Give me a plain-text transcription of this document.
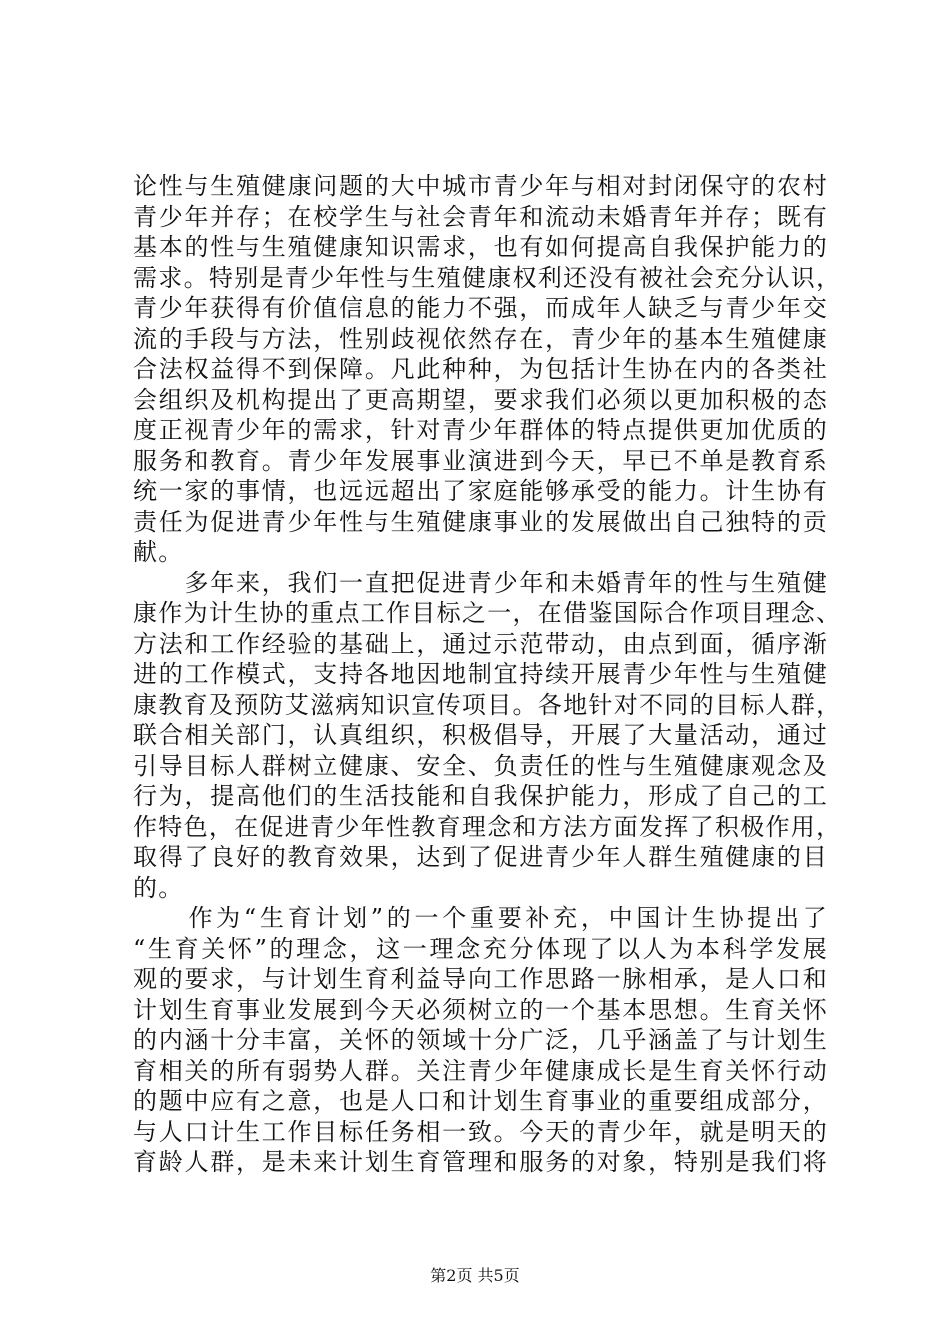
论性与生殖健康问题的大中城市青少年与相对封闭保守的农村
青少年并存；在校学生与社会青年和流动未婚青年并存；既有
基本的性与生殖健康知识需求，也有如何提高自我保护能力的
需求。特别是青少年性与生殖健康权利还没有被社会充分认识，
青少年获得有价值信息的能力不强，而成年人缺乏与青少年交
流的手段与方法，性别歧视依然存在，青少年的基本生殖健康
合法权益得不到保障。凡此种种，为包括计生协在内的各类社
会组织及机构提出了更高期望，要求我们必须以更加积极的态
度正视青少年的需求，针对青少年群体的特点提供更加优质的
服务和教育。青少年发展事业演进到今天，早已不单是教育系
统一家的事情，也远远超出了家庭能够承受的能力。计生协有
责任为促进青少年性与生殖健康事业的发展做出自己独特的贡
献。
　　多年来，我们一直把促进青少年和未婚青年的性与生殖健
康作为计生协的重点工作目标之一，在借鉴国际合作项目理念、
方法和工作经验的基础上，通过示范带动，由点到面，循序渐
进的工作模式，支持各地因地制宜持续开展青少年性与生殖健
康教育及预防艾滋病知识宣传项目。各地针对不同的目标人群，
联合相关部门，认真组织，积极倡导，开展了大量活动，通过
引导目标人群树立健康、安全、负责任的性与生殖健康观念及
行为，提高他们的生活技能和自我保护能力，形成了自己的工
作特色，在促进青少年性教育理念和方法方面发挥了积极作用，
取得了良好的教育效果，达到了促进青少年人群生殖健康的目
的。
　　作为“生育计划”的一个重要补充，中国计生协提出了
“生育关怀”的理念，这一理念充分体现了以人为本科学发展
观的要求，与计划生育利益导向工作思路一脉相承，是人口和
计划生育事业发展到今天必须树立的一个基本思想。生育关怀
的内涵十分丰富，关怀的领域十分广泛，几乎涵盖了与计划生
育相关的所有弱势人群。关注青少年健康成长是生育关怀行动
的题中应有之意，也是人口和计划生育事业的重要组成部分，
与人口计生工作目标任务相一致。今天的青少年，就是明天的
育龄人群，是未来计划生育管理和服务的对象，特别是我们将
第2页 共5页
